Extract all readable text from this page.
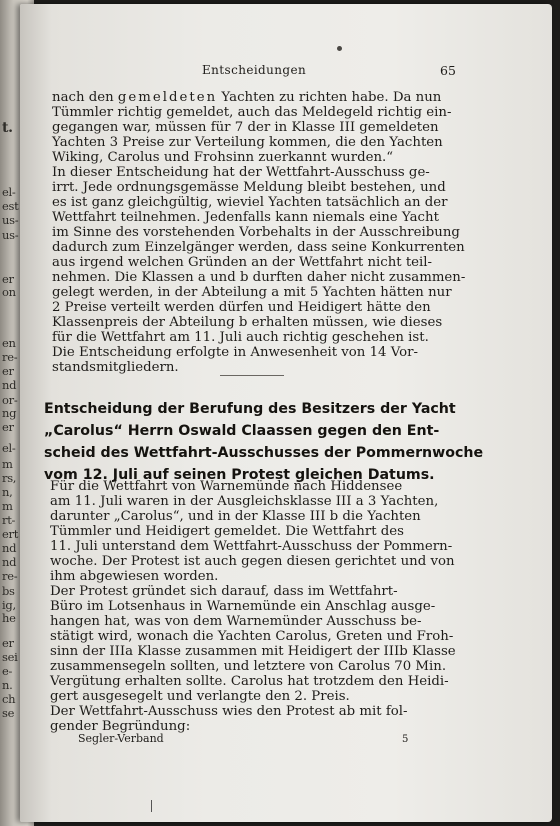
t.
el-
est
us-
us-
er
on
en
re-
er
nd
or-
ng
er
el-
m
rs,
n,
m
rt-
ert
nd
nd
re-
bs
ig,
he
er
sei
e-
n.
ch
se
Entscheidungen	65
nach den gemeldeten Yachten zu richten habe. Da nun
Tümmler richtig gemeldet, auch das Meldegeld richtig ein-
gegangen war, müssen für 7 der in Klasse III gemeldeten
Yachten 3 Preise zur Verteilung kommen, die den Yachten
Wiking, Carolus und Frohsinn zuerkannt wurden.“
In dieser Entscheidung hat der Wettfahrt-Ausschuss ge-
irrt. Jede ordnungsgemässe Meldung bleibt bestehen, und
es ist ganz gleichgültig, wieviel Yachten tatsächlich an der
Wettfahrt teilnehmen. Jedenfalls kann niemals eine Yacht
im Sinne des vorstehenden Vorbehalts in der Ausschreibung
dadurch zum Einzelgänger werden, dass seine Konkurrenten
aus irgend welchen Gründen an der Wettfahrt nicht teil-
nehmen. Die Klassen a und b durften daher nicht zusammen-
gelegt werden, in der Abteilung a mit 5 Yachten hätten nur
2 Preise verteilt werden dürfen und Heidigert hätte den
Klassenpreis der Abteilung b erhalten müssen, wie dieses
für die Wettfahrt am 11. Juli auch richtig geschehen ist.
Die Entscheidung erfolgte in Anwesenheit von 14 Vor-
standsmitgliedern.
Entscheidung der Berufung des Besitzers der Yacht
„Carolus“ Herrn Oswald Claassen gegen den Ent-
scheid des Wettfahrt-Ausschusses der Pommernwoche
vom 12. Juli auf seinen Protest gleichen Datums.
Für die Wettfahrt von Warnemünde nach Hiddensee
am 11. Juli waren in der Ausgleichsklasse III a 3 Yachten,
darunter „Carolus“, und in der Klasse III b die Yachten
Tümmler und Heidigert gemeldet. Die Wettfahrt des
11. Juli unterstand dem Wettfahrt-Ausschuss der Pommern-
woche. Der Protest ist auch gegen diesen gerichtet und von
ihm abgewiesen worden.
Der Protest gründet sich darauf, dass im Wettfahrt-
Büro im Lotsenhaus in Warnemünde ein Anschlag ausge-
hangen hat, was von dem Warnemünder Ausschuss be-
stätigt wird, wonach die Yachten Carolus, Greten und Froh-
sinn der IIIa Klasse zusammen mit Heidigert der IIIb Klasse
zusammensegeln sollten, und letztere von Carolus 70 Min.
Vergütung erhalten sollte. Carolus hat trotzdem den Heidi-
gert ausgesegelt und verlangte den 2. Preis.
Der Wettfahrt-Ausschuss wies den Protest ab mit fol-
gender Begründung:
Segler-Verband	5
